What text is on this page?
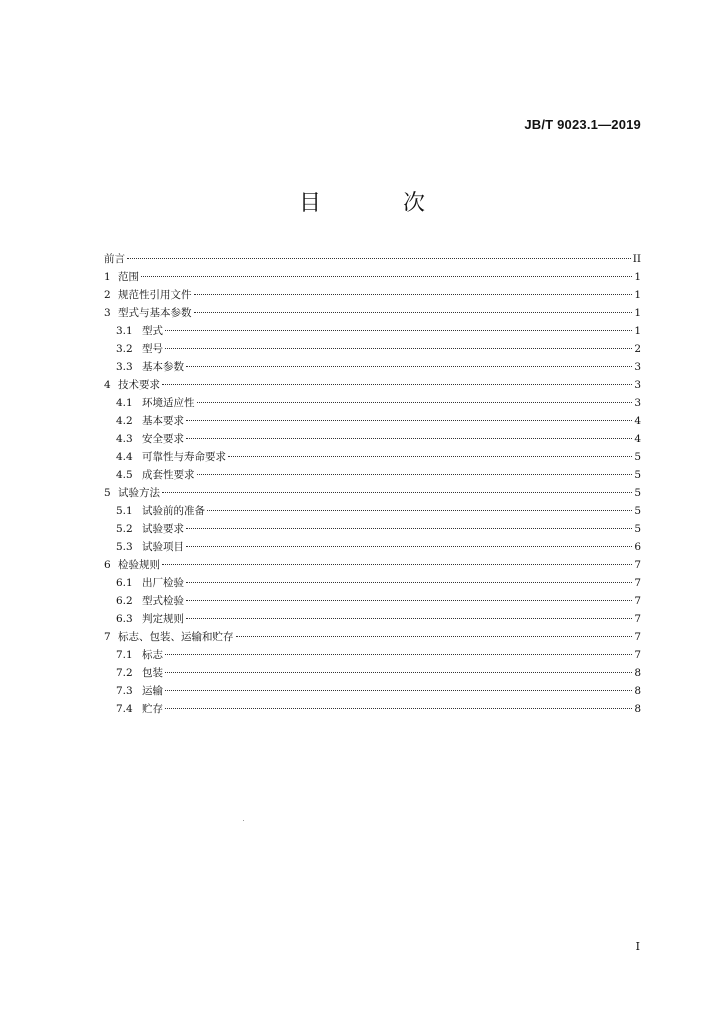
JB/T 9023.1—2019
目　次
前言	II
1 范围	1
2 规范性引用文件	1
3 型式与基本参数	1
3.1 型式	1
3.2 型号	2
3.3 基本参数	3
4 技术要求	3
4.1 环境适应性	3
4.2 基本要求	4
4.3 安全要求	4
4.4 可靠性与寿命要求	5
4.5 成套性要求	5
5 试验方法	5
5.1 试验前的准备	5
5.2 试验要求	5
5.3 试验项目	6
6 检验规则	7
6.1 出厂检验	7
6.2 型式检验	7
6.3 判定规则	7
7 标志、包装、运输和贮存	7
7.1 标志	7
7.2 包装	8
7.3 运输	8
7.4 贮存	8
I
